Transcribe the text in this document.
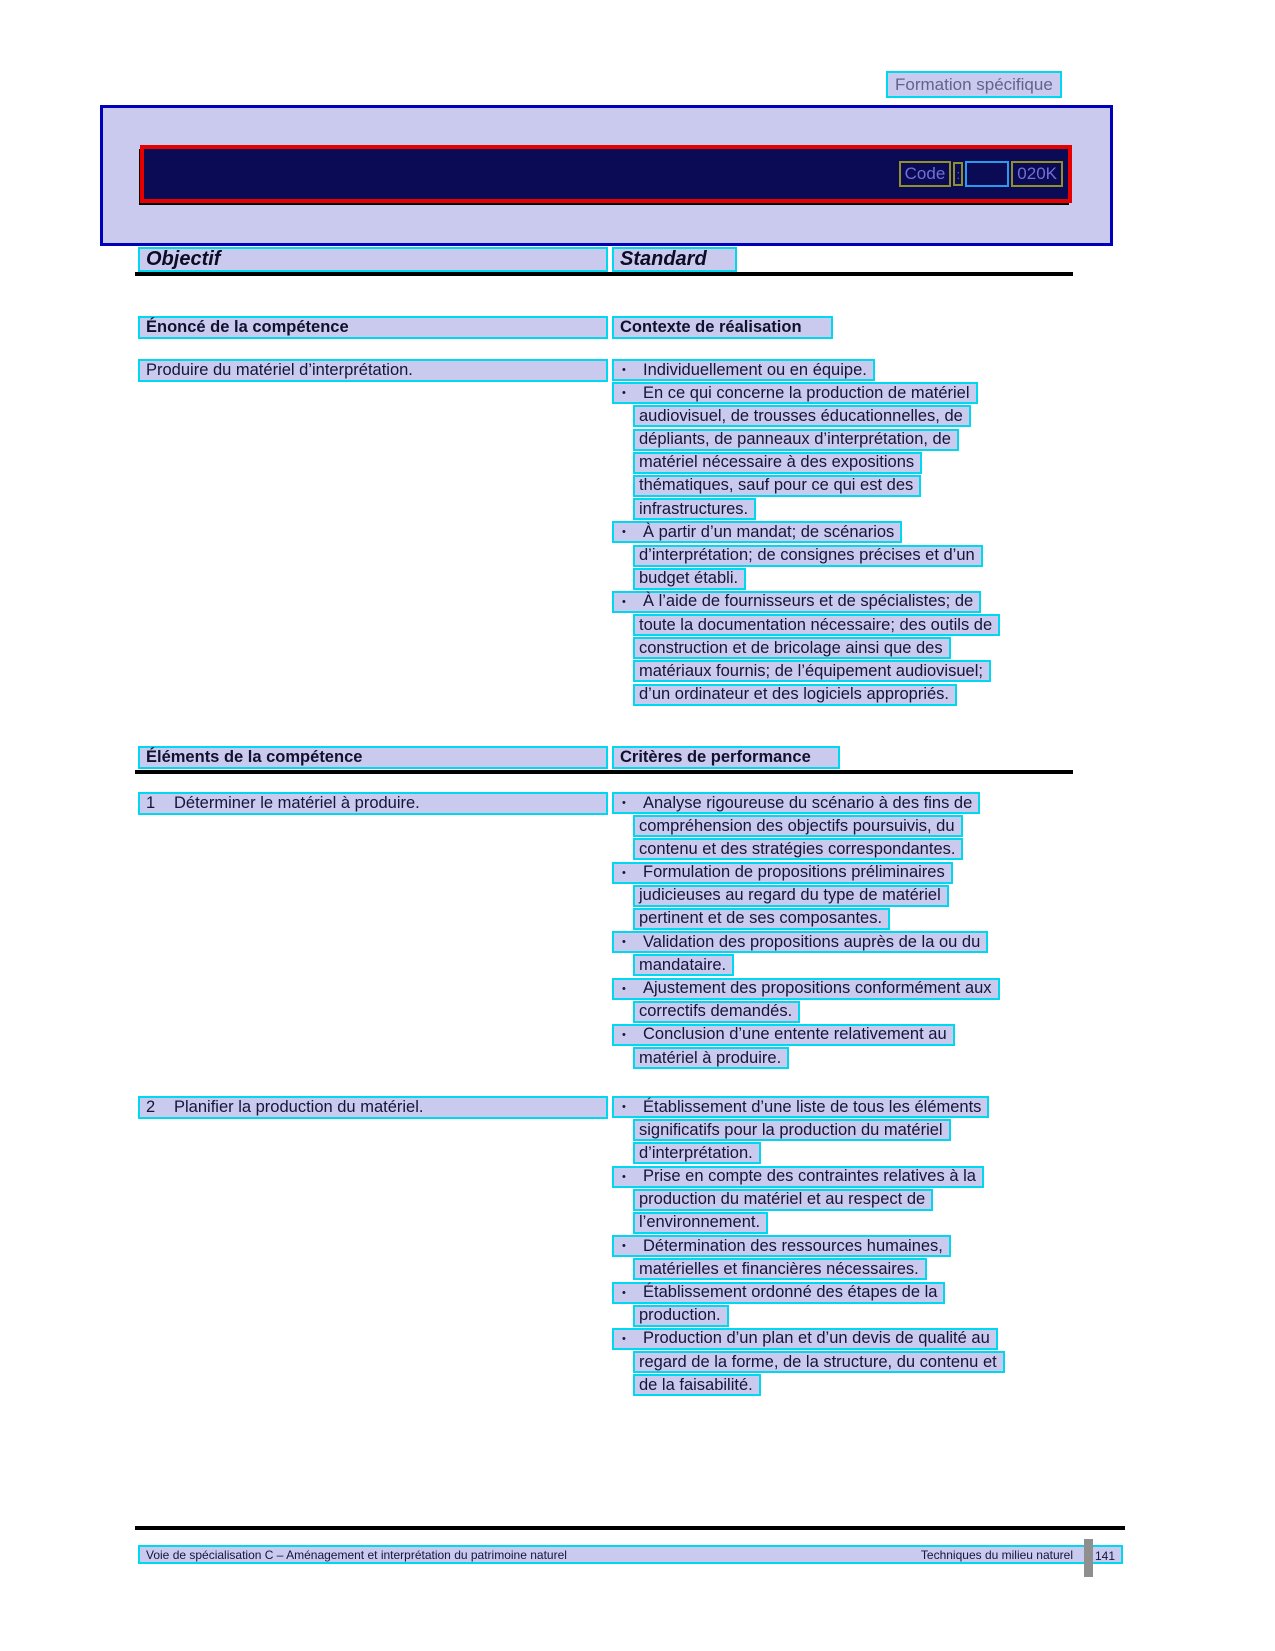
Formation spécifique
Code :	020K
Objectif	Standard
Énoncé de la compétence	Contexte de réalisation
Produire du matériel d’interprétation.	•	Individuellement ou en équipe.
•	En ce qui concerne la production de matériel
audiovisuel, de trousses éducationnelles, de
dépliants, de panneaux d’interprétation, de
matériel nécessaire à des expositions
thématiques, sauf pour ce qui est des
infrastructures.
•	À partir d’un mandat; de scénarios
d’interprétation; de consignes précises et d’un
budget établi.
•	À l’aide de fournisseurs et de spécialistes; de
toute la documentation nécessaire; des outils de
construction et de bricolage ainsi que des
matériaux fournis; de l’équipement audiovisuel;
d’un ordinateur et des logiciels appropriés.
Éléments de la compétence	Critères de performance
1	Déterminer le matériel à produire.	•	Analyse rigoureuse du scénario à des fins de
compréhension des objectifs poursuivis, du
contenu et des stratégies correspondantes.
•	Formulation de propositions préliminaires
judicieuses au regard du type de matériel
pertinent et de ses composantes.
•	Validation des propositions auprès de la ou du
mandataire.
•	Ajustement des propositions conformément aux
correctifs demandés.
•	Conclusion d’une entente relativement au
matériel à produire.
2	Planifier la production du matériel.	•	Établissement d’une liste de tous les éléments
significatifs pour la production du matériel
d’interprétation.
•	Prise en compte des contraintes relatives à la
production du matériel et au respect de
l’environnement.
•	Détermination des ressources humaines,
matérielles et financières nécessaires.
•	Établissement ordonné des étapes de la
production.
•	Production d’un plan et d’un devis de qualité au
regard de la forme, de la structure, du contenu et
de la faisabilité.
Voie de spécialisation C – Aménagement et interprétation du patrimoine naturel	Techniques du milieu naturel 141
